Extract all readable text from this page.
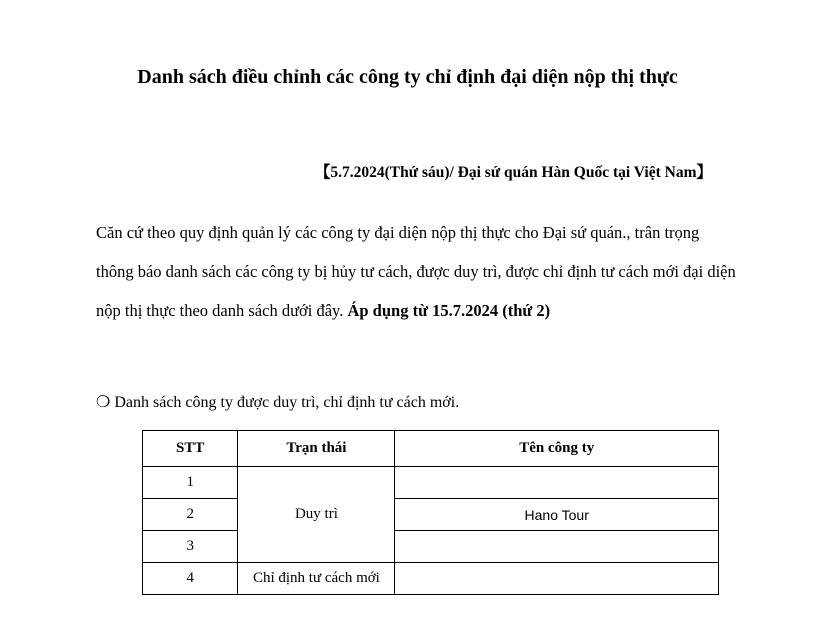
Danh sách điều chỉnh các công ty chỉ định đại diện nộp thị thực
【5.7.2024(Thứ sáu)/ Đại sứ quán Hàn Quốc tại Việt Nam】

Căn cứ theo quy định quản lý các công ty đại diện nộp thị thực cho Đại sứ quán., trân trọng thông báo danh sách các công ty bị hủy tư cách, được duy trì, được chỉ định tư cách mới đại diện nộp thị thực theo danh sách dưới đây. Áp dụng từ 15.7.2024 (thứ 2)

❍ Danh sách công ty được duy trì, chỉ định tư cách mới.
STT	Trạn thái	Tên công ty
1	Duy trì	
2		Hano Tour
3		
4	Chỉ định tư cách mới	
